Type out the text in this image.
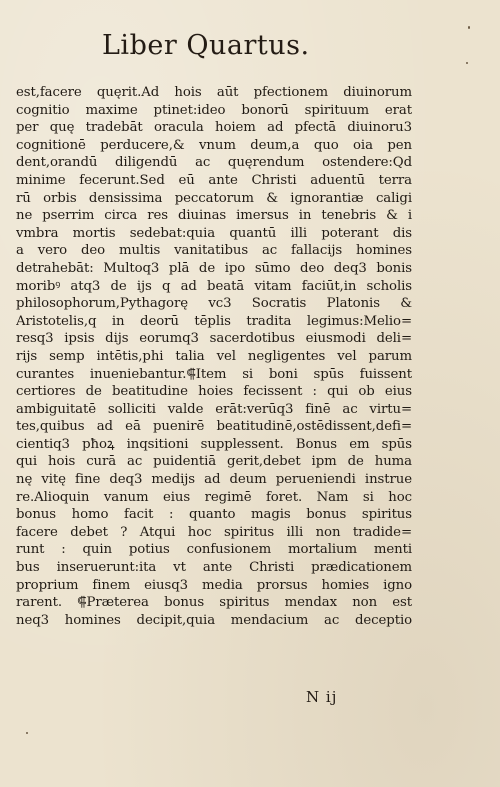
Liber Quartus.
est,facere quęrit.Ad hois aūt pfectionem diuinorum
cognitio maxime ptinet:ideo bonorū spirituum erat
per quę tradebāt oracula hoiem ad pfectā diuinoru3
cognitionē perducere,& vnum deum,a quo oia pen
dent,orandū diligendū ac quęrendum ostendere:Qd
minime fecerunt.Sed eū ante Christi aduentū terra
rū orbis densissima peccatorum & ignorantiæ caligi
ne pserrim circa res diuinas imersus in tenebris & i
vmbra mortis sedebat:quia quantū illi poterant dis
a vero deo multis vanitatibus ac fallacijs homines
detrahebāt: Multoq3 plā de ipo sūmo deo deq3 bonis
moribꝰ atq3 de ijs q ad beatā vitam faciūt,in scholis
philosophorum,Pythagorę vc3 Socratis Platonis &
Aristotelis,q in deorū tēplis tradita legimus:Melio=
resq3 ipsis dijs eorumq3 sacerdotibus eiusmodi deli=
rijs semp intētis,phi talia vel negligentes vel parum
curantes inueniebantur.⸿Item si boni spūs fuissent
certiores de beatitudine hoies fecissent : qui ob eius
ambiguitatē solliciti valde erāt:verūq3 finē ac virtu=
tes,quibus ad eā puenirē beatitudinē,ostēdissent,defi=
cientiq3 pħoꝝ inqsitioni supplessent. Bonus em spūs
qui hois curā ac puidentiā gerit,debet ipm de huma
nę vitę fine deq3 medijs ad deum perueniendi instrue
re.Alioquin vanum eius regimē foret. Nam si hoc
bonus homo facit : quanto magis bonus spiritus
facere debet ? Atqui hoc spiritus illi non tradide=
runt : quin potius confusionem mortalium menti
bus inseruerunt:ita vt ante Christi prædicationem
proprium finem eiusq3 media prorsus homies igno
rarent. ⸿Præterea bonus spiritus mendax non est
neq3 homines decipit,quia mendacium ac deceptio
N ij
